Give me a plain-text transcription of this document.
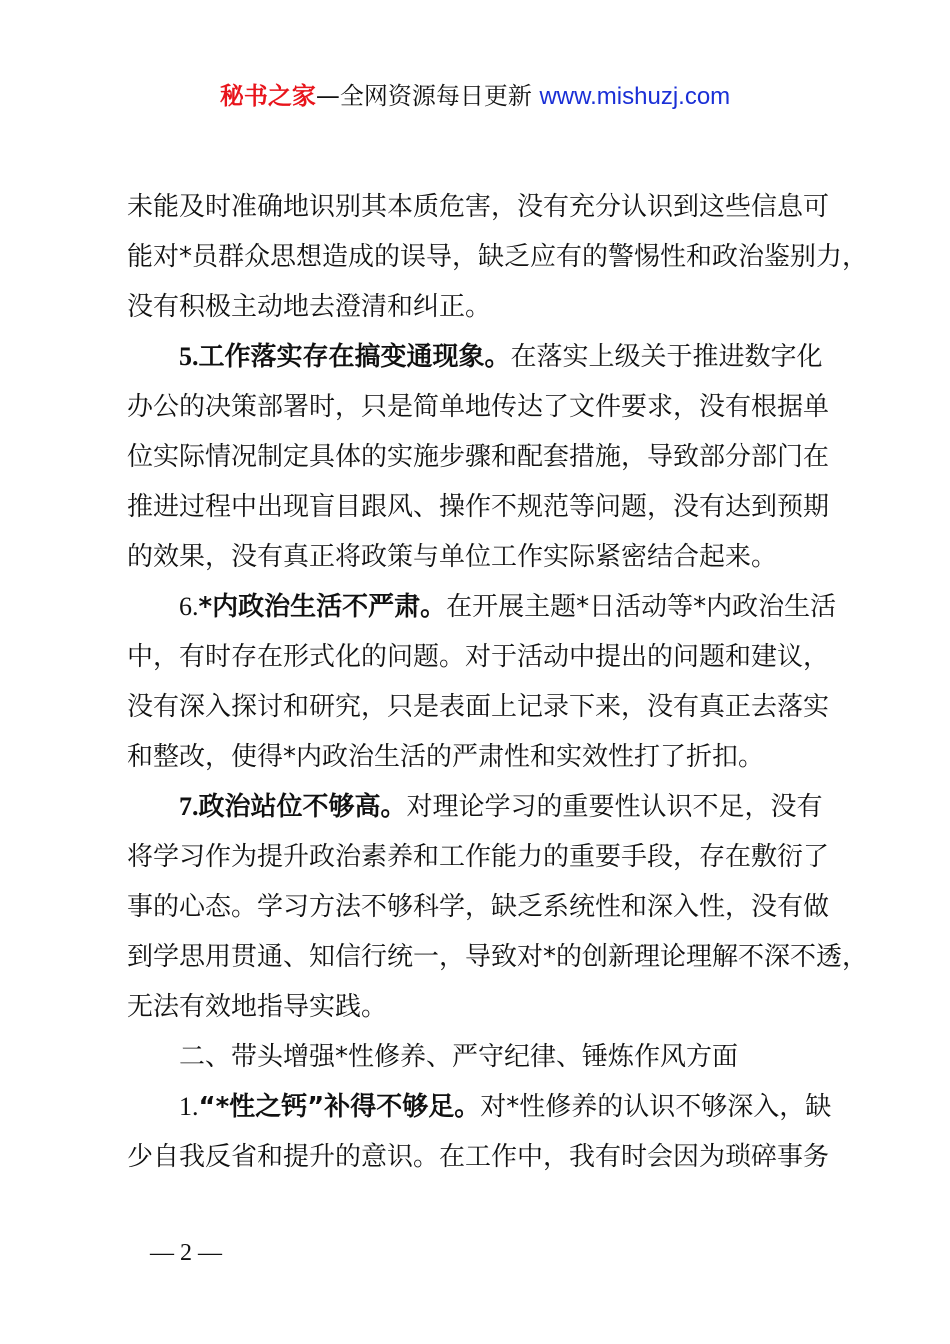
秘书之家—全网资源每日更新 www.mishuzj.com
未能及时准确地识别其本质危害，没有充分认识到这些信息可
能对*员群众思想造成的误导，缺乏应有的警惕性和政治鉴别力，
没有积极主动地去澄清和纠正。
5.工作落实存在搞变通现象。在落实上级关于推进数字化
办公的决策部署时，只是简单地传达了文件要求，没有根据单
位实际情况制定具体的实施步骤和配套措施，导致部分部门在
推进过程中出现盲目跟风、操作不规范等问题，没有达到预期
的效果，没有真正将政策与单位工作实际紧密结合起来。
6.*内政治生活不严肃。在开展主题*日活动等*内政治生活
中，有时存在形式化的问题。对于活动中提出的问题和建议，
没有深入探讨和研究，只是表面上记录下来，没有真正去落实
和整改，使得*内政治生活的严肃性和实效性打了折扣。
7.政治站位不够高。对理论学习的重要性认识不足，没有
将学习作为提升政治素养和工作能力的重要手段，存在敷衍了
事的心态。学习方法不够科学，缺乏系统性和深入性，没有做
到学思用贯通、知信行统一，导致对*的创新理论理解不深不透，
无法有效地指导实践。
二、带头增强*性修养、严守纪律、锤炼作风方面
1.“*性之钙”补得不够足。对*性修养的认识不够深入，缺
少自我反省和提升的意识。在工作中，我有时会因为琐碎事务
— 2 —
